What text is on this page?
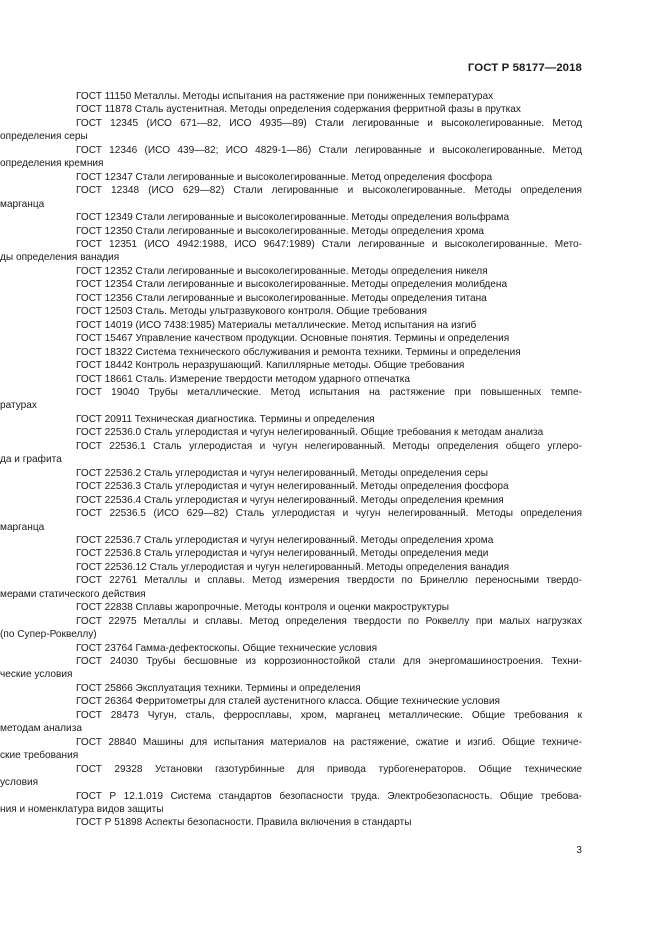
ГОСТ Р 58177—2018
ГОСТ 11150 Металлы. Методы испытания на растяжение при пониженных температурах
ГОСТ 11878 Сталь аустенитная. Методы определения содержания ферритной фазы в прутках
ГОСТ 12345 (ИСО 671—82, ИСО 4935—89) Стали легированные и высоколегированные. Метод
определения серы
ГОСТ 12346 (ИСО 439—82; ИСО 4829-1—86) Стали легированные и высоколегированные. Метод
определения кремния
ГОСТ 12347 Стали легированные и высоколегированные. Метод определения фосфора
ГОСТ 12348 (ИСО 629—82) Стали легированные и высоколегированные. Методы определения
марганца
ГОСТ 12349 Стали легированные и высоколегированные. Методы определения вольфрама
ГОСТ 12350 Стали легированные и высоколегированные. Методы определения хрома
ГОСТ 12351 (ИСО 4942:1988, ИСО 9647:1989) Стали легированные и высоколегированные. Мето-
ды определения ванадия
ГОСТ 12352 Стали легированные и высоколегированные. Методы определения никеля
ГОСТ 12354 Стали легированные и высоколегированные. Методы определения молибдена
ГОСТ 12356 Стали легированные и высоколегированные. Методы определения титана
ГОСТ 12503 Сталь. Методы ультразвукового контроля. Общие требования
ГОСТ 14019 (ИСО 7438:1985) Материалы металлические. Метод испытания на изгиб
ГОСТ 15467 Управление качеством продукции. Основные понятия. Термины и определения
ГОСТ 18322 Система технического обслуживания и ремонта техники. Термины и определения
ГОСТ 18442 Контроль неразрушающий. Капиллярные методы. Общие требования
ГОСТ 18661 Сталь. Измерение твердости методом ударного отпечатка
ГОСТ 19040 Трубы металлические. Метод испытания на растяжение при повышенных темпе-
ратурах
ГОСТ 20911 Техническая диагностика. Термины и определения
ГОСТ 22536.0 Сталь углеродистая и чугун нелегированный. Общие требования к методам анализа
ГОСТ 22536.1 Сталь углеродистая и чугун нелегированный. Методы определения общего углеро-
да и графита
ГОСТ 22536.2 Сталь углеродистая и чугун нелегированный. Методы определения серы
ГОСТ 22536.3 Сталь углеродистая и чугун нелегированный. Методы определения фосфора
ГОСТ 22536.4 Сталь углеродистая и чугун нелегированный. Методы определения кремния
ГОСТ 22536.5 (ИСО 629—82) Сталь углеродистая и чугун нелегированный. Методы определения
марганца
ГОСТ 22536.7 Сталь углеродистая и чугун нелегированный. Методы определения хрома
ГОСТ 22536.8 Сталь углеродистая и чугун нелегированный. Методы определения меди
ГОСТ 22536.12 Сталь углеродистая и чугун нелегированный. Методы определения ванадия
ГОСТ 22761 Металлы и сплавы. Метод измерения твердости по Бринеллю переносными твердо-
мерами статического действия
ГОСТ 22838 Сплавы жаропрочные. Методы контроля и оценки макроструктуры
ГОСТ 22975 Металлы и сплавы. Метод определения твердости по Роквеллу при малых нагрузках
(по Супер-Роквеллу)
ГОСТ 23764 Гамма-дефектоскопы. Общие технические условия
ГОСТ 24030 Трубы бесшовные из коррозионностойкой стали для энергомашиностроения. Техни-
ческие условия
ГОСТ 25866 Эксплуатация техники. Термины и определения
ГОСТ 26364 Ферритометры для сталей аустенитного класса. Общие технические условия
ГОСТ 28473 Чугун, сталь, ферросплавы, хром, марганец металлические. Общие требования к
методам анализа
ГОСТ 28840 Машины для испытания материалов на растяжение, сжатие и изгиб. Общие техниче-
ские требования
ГОСТ 29328 Установки газотурбинные для привода турбогенераторов. Общие технические
условия
ГОСТ Р 12.1.019 Система стандартов безопасности труда. Электробезопасность. Общие требова-
ния и номенклатура видов защиты
ГОСТ Р 51898 Аспекты безопасности. Правила включения в стандарты
3
